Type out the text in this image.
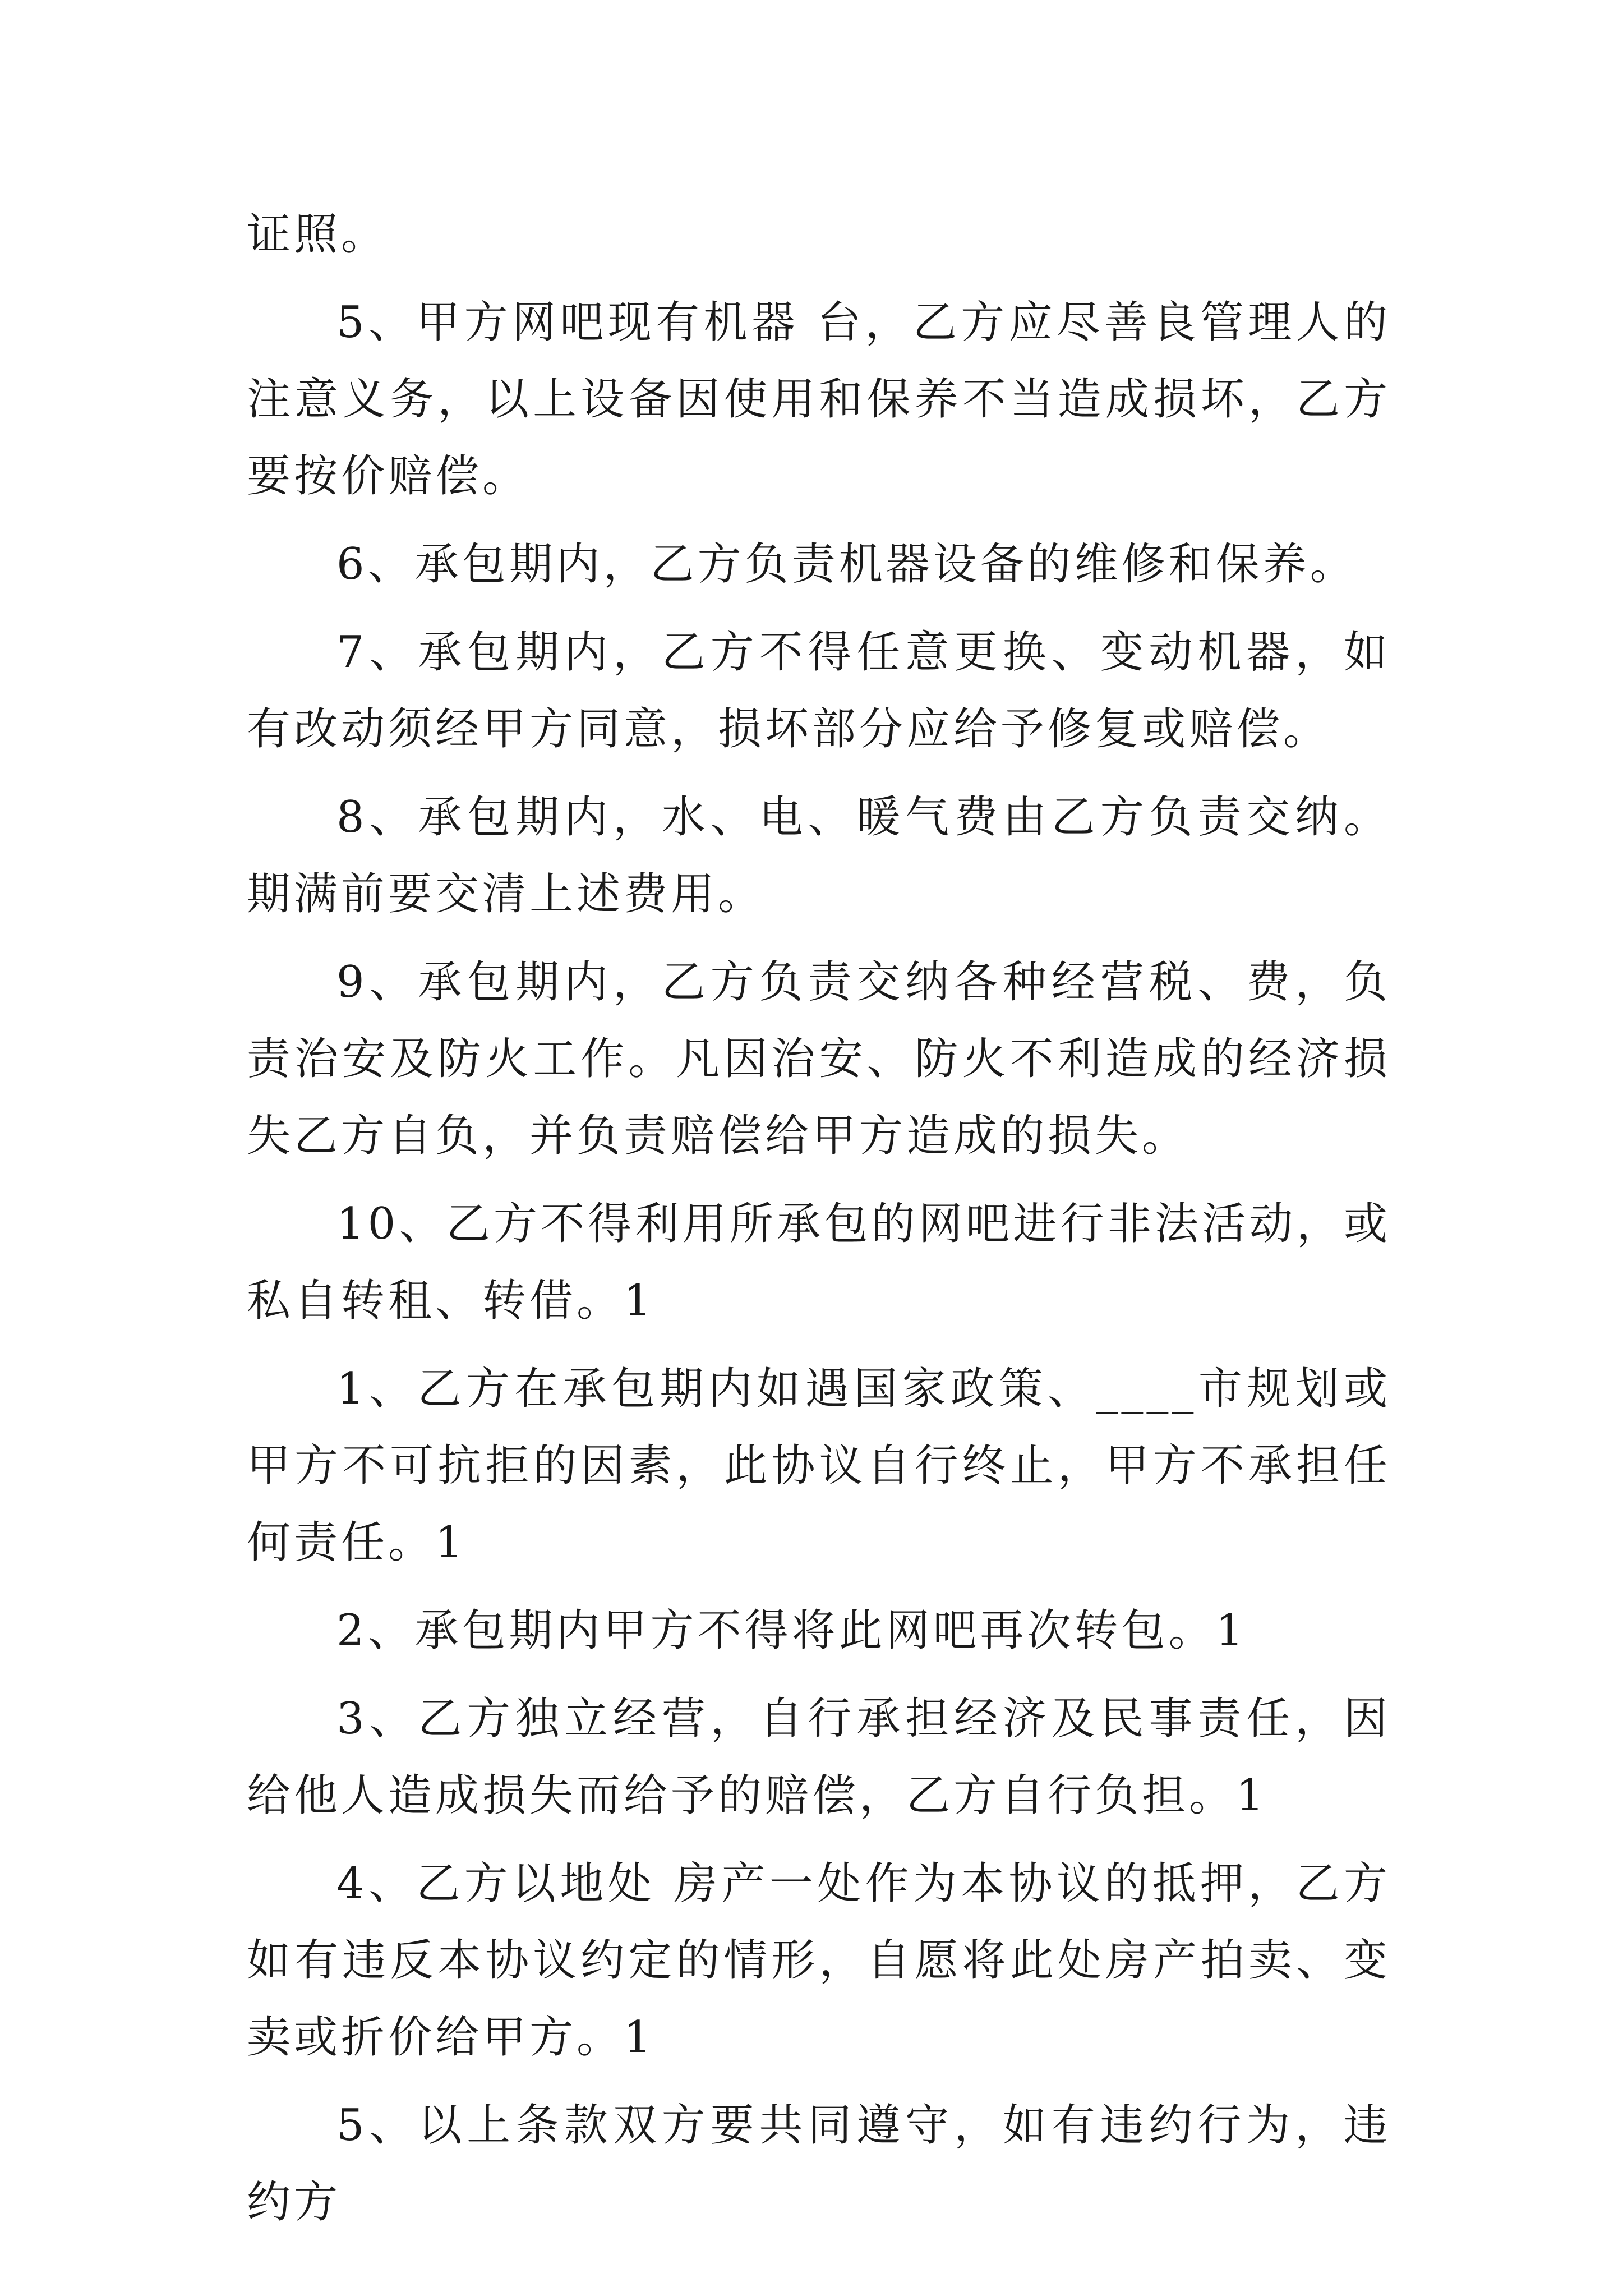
证照。

5、甲方网吧现有机器 台，乙方应尽善良管理人的注意义务，以上设备因使用和保养不当造成损坏，乙方要按价赔偿。

6、承包期内，乙方负责机器设备的维修和保养。

7、承包期内，乙方不得任意更换、变动机器，如有改动须经甲方同意，损坏部分应给予修复或赔偿。

8、承包期内，水、电、暖气费由乙方负责交纳。期满前要交清上述费用。

9、承包期内，乙方负责交纳各种经营税、费，负责治安及防火工作。凡因治安、防火不利造成的经济损失乙方自负，并负责赔偿给甲方造成的损失。

10、乙方不得利用所承包的网吧进行非法活动，或私自转租、转借。1

1、乙方在承包期内如遇国家政策、____市规划或甲方不可抗拒的因素，此协议自行终止，甲方不承担任何责任。1

2、承包期内甲方不得将此网吧再次转包。1

3、乙方独立经营，自行承担经济及民事责任，因给他人造成损失而给予的赔偿，乙方自行负担。1

4、乙方以地处 房产一处作为本协议的抵押，乙方如有违反本协议约定的情形，自愿将此处房产拍卖、变卖或折价给甲方。1

5、以上条款双方要共同遵守，如有违约行为，违约方
